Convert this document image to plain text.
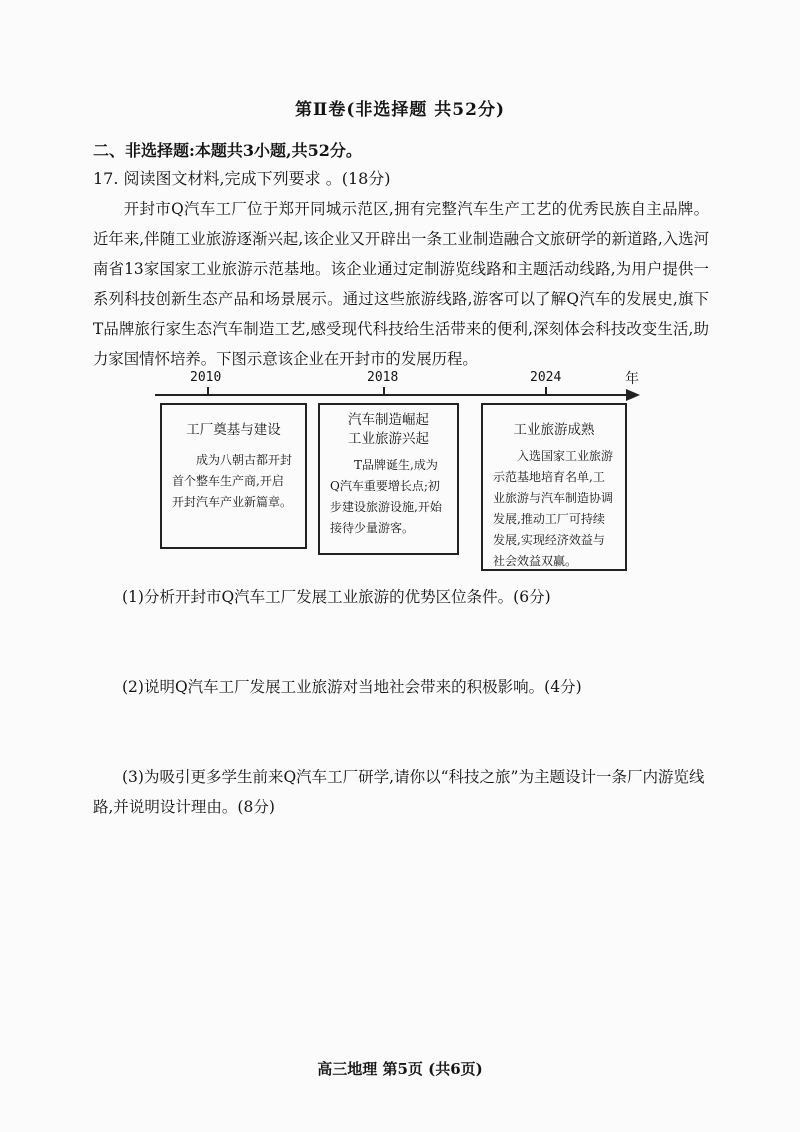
第Ⅱ卷(非选择题 共52分)
二、非选择题:本题共3小题,共52分。
17. 阅读图文材料,完成下列要求 。(18分)
开封市Q汽车工厂位于郑开同城示范区,拥有完整汽车生产工艺的优秀民族自主品牌。近年来,伴随工业旅游逐渐兴起,该企业又开辟出一条工业制造融合文旅研学的新道路,入选河南省13家国家工业旅游示范基地。该企业通过定制游览线路和主题活动线路,为用户提供一系列科技创新生态产品和场景展示。通过这些旅游线路,游客可以了解Q汽车的发展史,旗下T品牌旅行家生态汽车制造工艺,感受现代科技给生活带来的便利,深刻体会科技改变生活,助力家国情怀培养。下图示意该企业在开封市的发展历程。
2010	2018	2024	年
工厂奠基与建设
成为八朝古都开封首个整车生产商,开启开封汽车产业新篇章。
汽车制造崛起
工业旅游兴起
T品牌诞生,成为Q汽车重要增长点;初步建设旅游设施,开始接待少量游客。
工业旅游成熟
入选国家工业旅游示范基地培育名单,工业旅游与汽车制造协调发展,推动工厂可持续发展,实现经济效益与社会效益双赢。
(1)分析开封市Q汽车工厂发展工业旅游的优势区位条件。(6分)
(2)说明Q汽车工厂发展工业旅游对当地社会带来的积极影响。(4分)
(3)为吸引更多学生前来Q汽车工厂研学,请你以“科技之旅”为主题设计一条厂内游览线路,并说明设计理由。(8分)
高三地理 第5页 (共6页)
